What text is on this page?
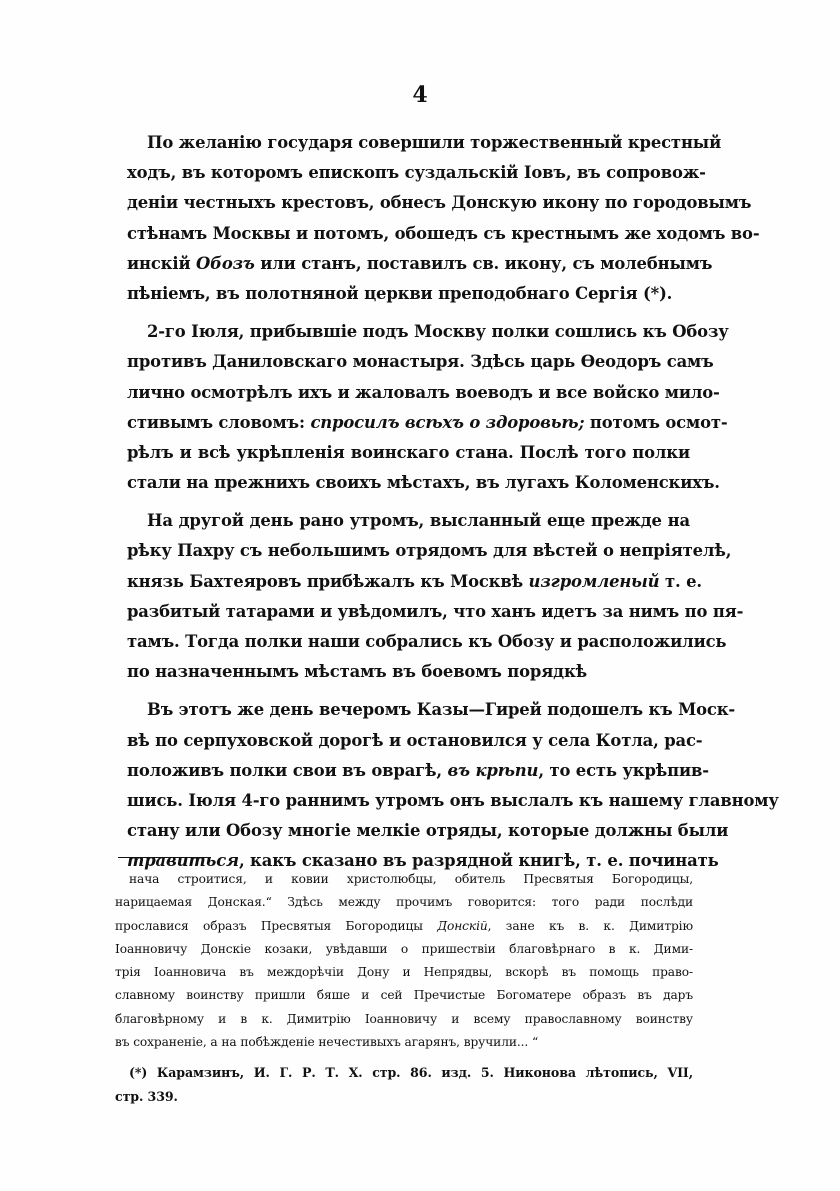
4
По желанію государя совершили торжественный крестный
ходъ, въ которомъ епископъ суздальскій Іовъ, въ сопровож-
деніи честныхъ крестовъ, обнесъ Донскую икону по городовымъ
стѣнамъ Москвы и потомъ, обошедъ съ крестнымъ же ходомъ во-
инскій Обозъ или станъ, поставилъ св. икону, съ молебнымъ
пѣніемъ, въ полотняной церкви преподобнаго Сергія (*).
2-го Іюля, прибывшіе подъ Москву полки сошлись къ Обозу
противъ Даниловскаго монастыря. Здѣсь царь Ѳеодоръ самъ
лично осмотрѣлъ ихъ и жаловалъ воеводъ и все войско мило-
стивымъ словомъ: спросилъ всѣхъ о здоровьѣ; потомъ осмот-
рѣлъ и всѣ укрѣпленія воинскаго стана. Послѣ того полки
стали на прежнихъ своихъ мѣстахъ, въ лугахъ Коломенскихъ.
На другой день рано утромъ, высланный еще прежде на
рѣку Пахру съ небольшимъ отрядомъ для вѣстей о непріятелѣ,
князь Бахтеяровъ прибѣжалъ къ Москвѣ изгромленый т. е.
разбитый татарами и увѣдомилъ, что ханъ идетъ за нимъ по пя-
тамъ. Тогда полки наши собрались къ Обозу и расположились
по назначеннымъ мѣстамъ въ боевомъ порядкѣ
Въ этотъ же день вечеромъ Казы—Гирей подошелъ къ Моск-
вѣ по серпуховской дорогѣ и остановился у села Котла, рас-
положивъ полки свои въ оврагѣ, въ крѣпи, то есть укрѣпив-
шись. Іюля 4-го раннимъ утромъ онъ выслалъ къ нашему главному
стану или Обозу многіе мелкіе отряды, которые должны были
травиться, какъ сказано въ разрядной книгѣ, т. е. починать
нача строитися, и ковии христолюбцы, обитель Пресвятыя Богородицы,
нарицаемая Донская.“ Здѣсь между прочимъ говорится: того ради послѣди
прославися образъ Пресвятыя Богородицы Донскій, зане къ в. к. Димитрію
Іоанновичу Донскіе козаки, увѣдавши о пришествіи благовѣрнаго в к. Дими-
трія Іоанновича въ междорѣчіи Дону и Непрядвы, вскорѣ въ помощь право-
славному воинству пришли бяше и сей Пречистые Богоматере образъ въ даръ
благовѣрному и в к. Димитрію Іоанновичу и всему православному воинству
въ сохраненіе, а на побѣжденіе нечестивыхъ агарянъ, вручили... “
(*) Карамзинъ, И. Г. Р. Т. X. стр. 86. изд. 5. Никонова лѣтопись, VII,
стр. 339.
